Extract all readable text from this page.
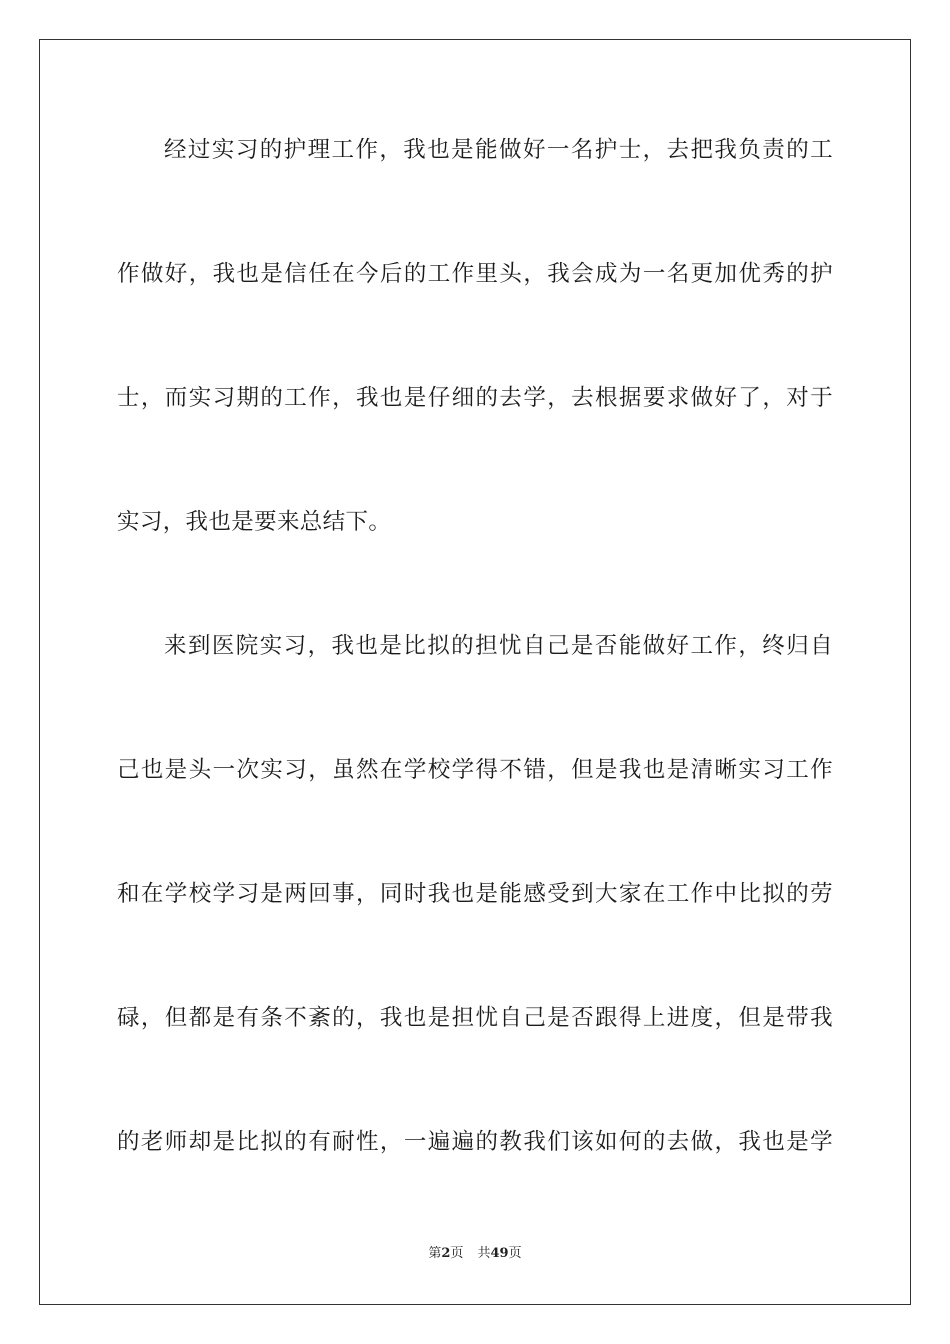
经过实习的护理工作，我也是能做好一名护士，去把我负责的工

作做好，我也是信任在今后的工作里头，我会成为一名更加优秀的护

士，而实习期的工作，我也是仔细的去学，去根据要求做好了，对于

实习，我也是要来总结下。

来到医院实习，我也是比拟的担忧自己是否能做好工作，终归自

己也是头一次实习，虽然在学校学得不错，但是我也是清晰实习工作

和在学校学习是两回事，同时我也是能感受到大家在工作中比拟的劳

碌，但都是有条不紊的，我也是担忧自己是否跟得上进度，但是带我

的老师却是比拟的有耐性，一遍遍的教我们该如何的去做，我也是学

第2页 共49页
